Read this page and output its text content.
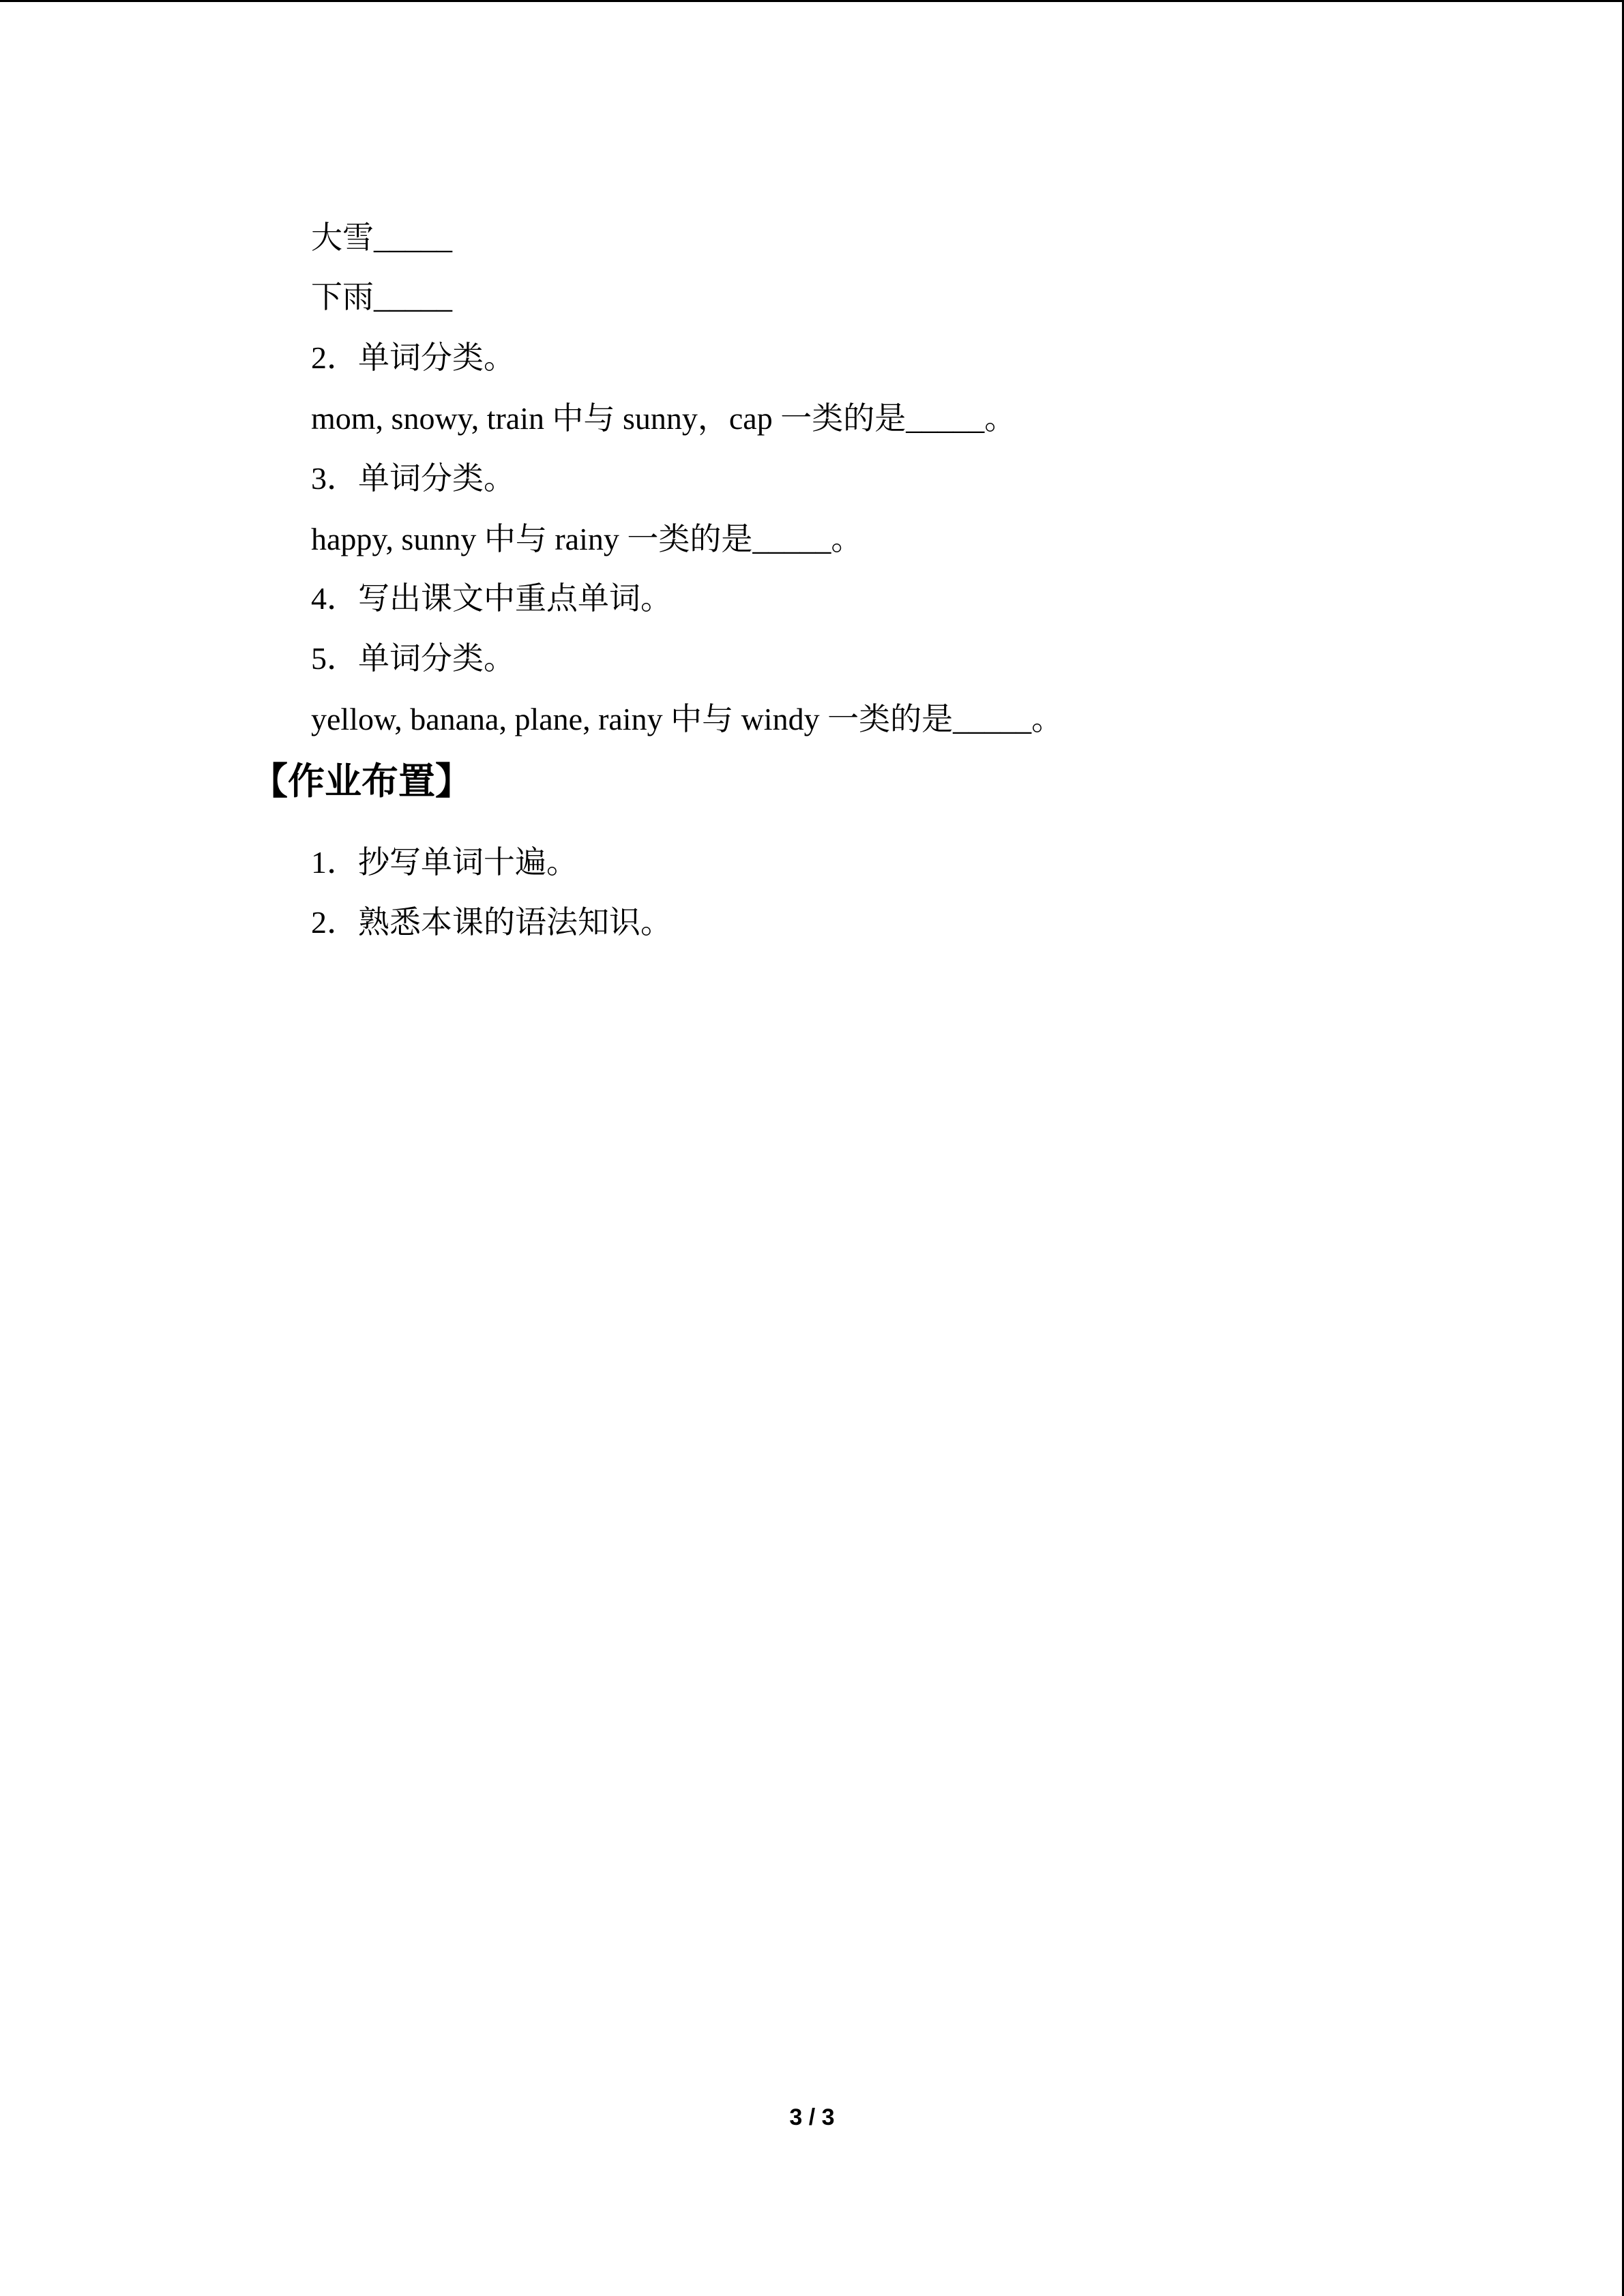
大雪_____
下雨_____
2．单词分类。
mom, snowy, train 中与 sunny，cap 一类的是_____。
3．单词分类。
happy, sunny 中与 rainy 一类的是_____。
4．写出课文中重点单词。
5．单词分类。
yellow, banana, plane, rainy 中与 windy 一类的是_____。
【作业布置】
1．抄写单词十遍。
2．熟悉本课的语法知识。
3 / 3
